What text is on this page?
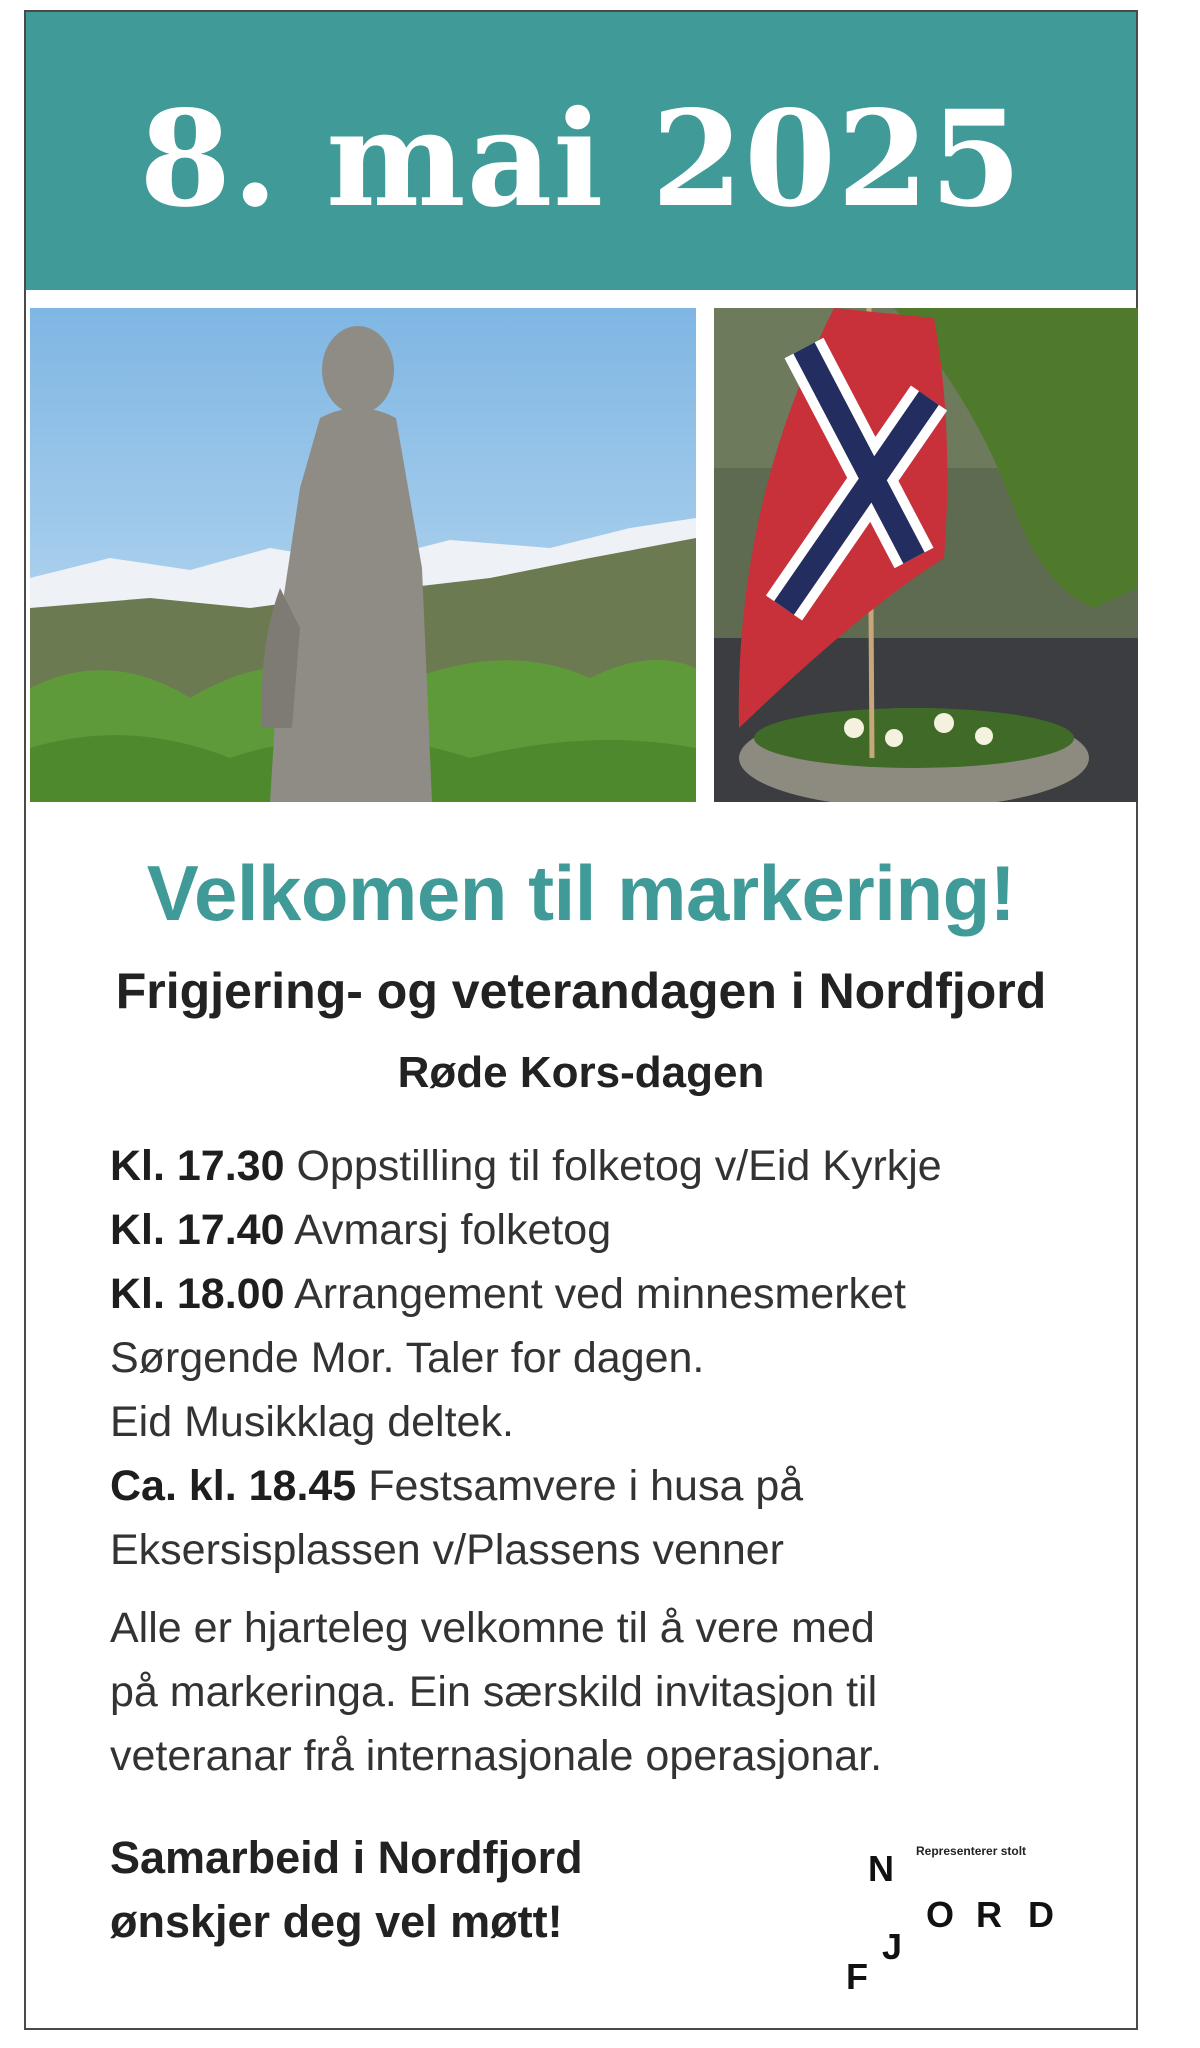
8. mai 2025
Velkomen til markering!
Frigjering- og veterandagen i Nordfjord
Røde Kors-dagen
Kl. 17.30 Oppstilling til folketog v/Eid Kyrkje
Kl. 17.40 Avmarsj folketog
Kl. 18.00 Arrangement ved minnesmerket
Sørgende Mor. Taler for dagen.
Eid Musikklag deltek.
Ca. kl. 18.45 Festsamvere i husa på
Eksersisplassen v/Plassens venner
Alle er hjarteleg velkomne til å vere med
på markeringa. Ein særskild invitasjon til
veteranar frå internasjonale operasjonar.
Samarbeid i Nordfjord
ønskjer deg vel møtt!
Representerer stolt
N
O R D
F
J
